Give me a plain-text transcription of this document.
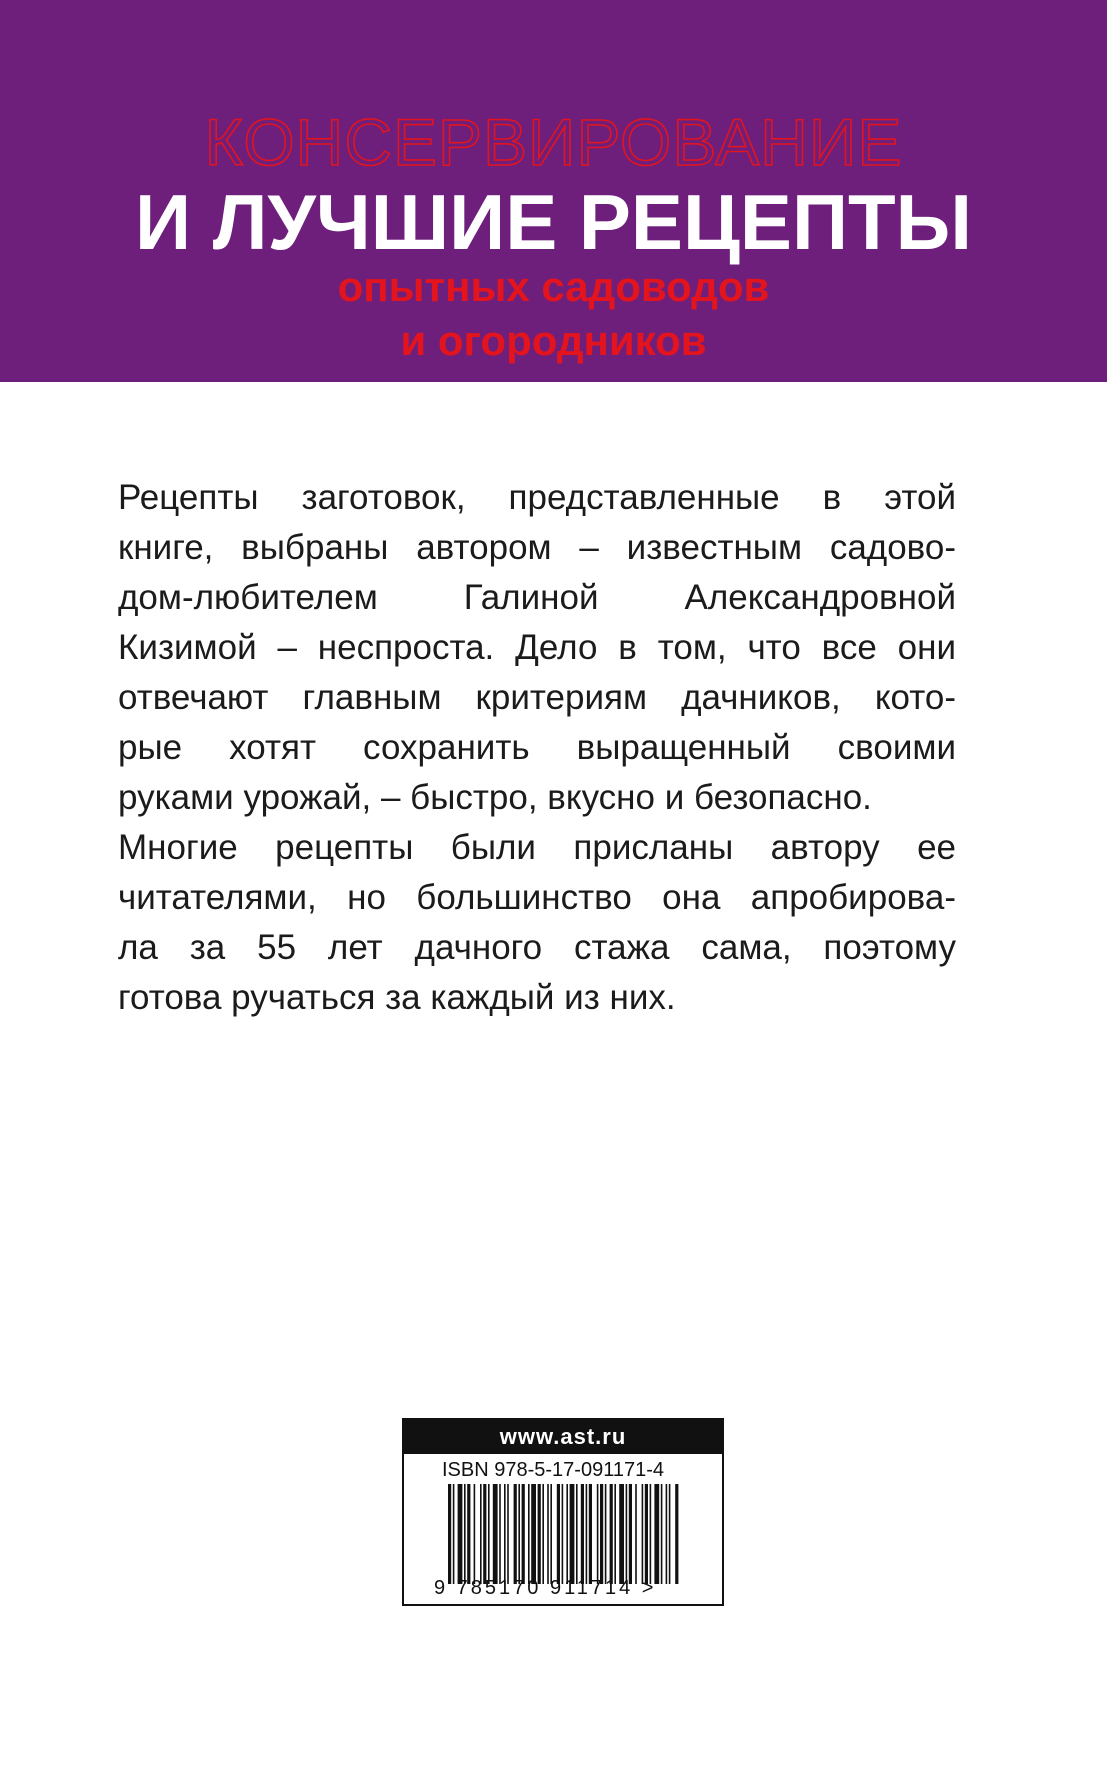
КОНСЕРВИРОВАНИЕ
И ЛУЧШИЕ РЕЦЕПТЫ
опытных садоводов
и огородников
Рецепты заготовок, представленные в этой
книге, выбраны автором – известным садово-
дом-любителем Галиной Александровной
Кизимой – неспроста. Дело в том, что все они
отвечают главным критериям дачников, кото-
рые хотят сохранить выращенный своими
руками урожай, – быстро, вкусно и безопасно.
Многие рецепты были присланы автору ее
читателями, но большинство она апробирова-
ла за 55 лет дачного стажа сама, поэтому
готова ручаться за каждый из них.
www.ast.ru
ISBN 978-5-17-091171-4
9 785170 911714 >
